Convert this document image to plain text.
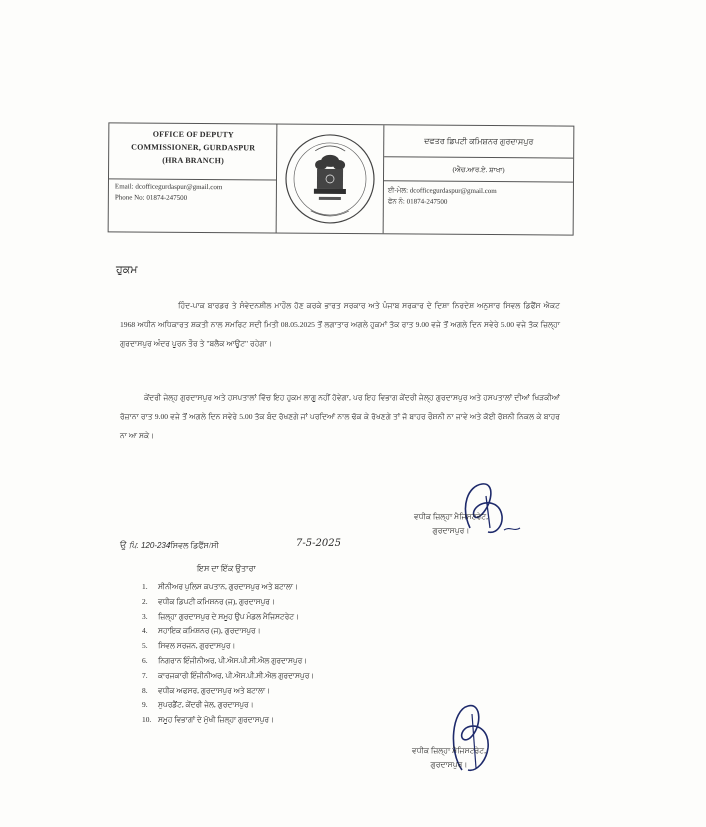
OFFICE OF DEPUTY
COMMISSIONER, GURDASPUR
(HRA BRANCH)
Email: dcofficegurdaspur@gmail.com
Phone No: 01874-247500
ਦਫਤਰ ਡਿਪਟੀ ਕਮਿਸ਼ਨਰ ਗੁਰਦਾਸਪੁਰ
(ਐਚ.ਆਰ.ਏ. ਸ਼ਾਖਾ)
ਈ-ਮੇਲ: dcofficegurdaspur@gmail.com
ਫੋਨ ਨੰ: 01874-247500
ਹੁਕਮ
ਹਿੰਦ-ਪਾਕ ਬਾਰਡਰ ਤੇ ਸੰਵੇਦਨਸ਼ੀਲ ਮਾਹੌਲ ਹੋਣ ਕਰਕੇ ਭਾਰਤ ਸਰਕਾਰ ਅਤੇ ਪੰਜਾਬ ਸਰਕਾਰ ਦੇ ਦਿਸ਼ਾ ਨਿਰਦੇਸ਼ ਅਨੁਸਾਰ ਸਿਵਲ ਡਿਫੈਂਸ ਐਕਟ 1968 ਅਧੀਨ ਅਧਿਕਾਰਤ ਸ਼ਕਤੀ ਨਾਲ ਸਮਰਿਟ ਸਦੀ ਮਿਤੀ 08.05.2025 ਤੋਂ ਲਗਾਤਾਰ ਅਗਲੇ ਹੁਕਮਾਂ ਤੱਕ ਰਾਤ 9.00 ਵਜੇ ਤੋਂ ਅਗਲੇ ਦਿਨ ਸਵੇਰੇ 5.00 ਵਜੇ ਤੱਕ ਜ਼ਿਲ੍ਹਾ ਗੁਰਦਾਸਪੁਰ ਅੰਦਰ ਪੂਰਨ ਤੌਰ ਤੇ "ਬਲੈਕ ਆਊਟ" ਰਹੇਗਾ।
ਕੇਂਦਰੀ ਜੇਲ੍ਹ ਗੁਰਦਾਸਪੁਰ ਅਤੇ ਹਸਪਤਾਲਾਂ ਵਿੱਚ ਇਹ ਹੁਕਮ ਲਾਗੂ ਨਹੀਂ ਹੋਵੇਗਾ, ਪਰ ਇਹ ਵਿਭਾਗ ਕੇਂਦਰੀ ਜੇਲ੍ਹ ਗੁਰਦਾਸਪੁਰ ਅਤੇ ਹਸਪਤਾਲਾਂ ਦੀਆਂ ਖਿੜਕੀਆਂ ਰੋਜ਼ਾਨਾ ਰਾਤ 9.00 ਵਜੇ ਤੋਂ ਅਗਲੇ ਦਿਨ ਸਵੇਰੇ 5.00 ਤੱਕ ਬੰਦ ਰੱਖਣਗੇ ਜਾਂ ਪਰਦਿਆਂ ਨਾਲ ਢੱਕ ਕੇ ਰੱਖਣਗੇ ਤਾਂ ਜੋ ਬਾਹਰ ਰੌਸ਼ਨੀ ਨਾ ਜਾਵੇ ਅਤੇ ਕੋਈ ਰੋਸ਼ਨੀ ਨਿਕਲ ਕੇ ਬਾਹਰ ਨਾ ਆ ਸਕੇ।
ਵਧੀਕ ਜ਼ਿਲ੍ਹਾ ਮੈਜਿਸਟਰੇਟ,
ਗੁਰਦਾਸਪੁਰ।
ਉ ਪਿ. 120-234
/ਸਿਵਲ ਡਿਫੈਂਸ/ਸੀ	7-5-2025
ਇਸ ਦਾ ਇੱਕ ਉਤਾਰਾ
1. ਸੀਨੀਅਰ ਪੁਲਿਸ ਕਪਤਾਨ, ਗੁਰਦਾਸਪੁਰ ਅਤੇ ਬਟਾਲਾ।
2. ਵਧੀਕ ਡਿਪਟੀ ਕਮਿਸ਼ਨਰ (ਜ), ਗੁਰਦਾਸਪੁਰ।
3. ਜ਼ਿਲ੍ਹਾ ਗੁਰਦਾਸਪੁਰ ਦੇ ਸਮੂਹ ਉਪ ਮੰਡਲ ਮੈਜਿਸਟਰੇਟ।
4. ਸਹਾਇਕ ਕਮਿਸ਼ਨਰ (ਜ), ਗੁਰਦਾਸਪੁਰ।
5. ਸਿਵਲ ਸਰਜਨ, ਗੁਰਦਾਸਪੁਰ।
6. ਨਿਗਰਾਨ ਇੰਜੀਨੀਅਰ, ਪੀ.ਐਸ.ਪੀ.ਸੀ.ਐਲ ਗੁਰਦਾਸਪੁਰ।
7. ਕਾਰਜਕਾਰੀ ਇੰਜੀਨੀਅਰ, ਪੀ.ਐਸ.ਪੀ.ਸੀ.ਐਲ ਗੁਰਦਾਸਪੁਰ।
8. ਵਧੀਕ ਅਫਸਰ, ਗੁਰਦਾਸਪੁਰ ਅਤੇ ਬਟਾਲਾ।
9. ਸੁਪਰਡੈਂਟ, ਕੇਂਦਰੀ ਜੇਲ, ਗੁਰਦਾਸਪੁਰ।
10. ਸਮੂਹ ਵਿਭਾਗਾਂ ਦੇ ਮੁੱਖੀ ਜ਼ਿਲ੍ਹਾ ਗੁਰਦਾਸਪੁਰ।
ਵਧੀਕ ਜ਼ਿਲ੍ਹਾ ਮੈਜਿਸਟਰੇਟ,
ਗੁਰਦਾਸਪੁਰ।
